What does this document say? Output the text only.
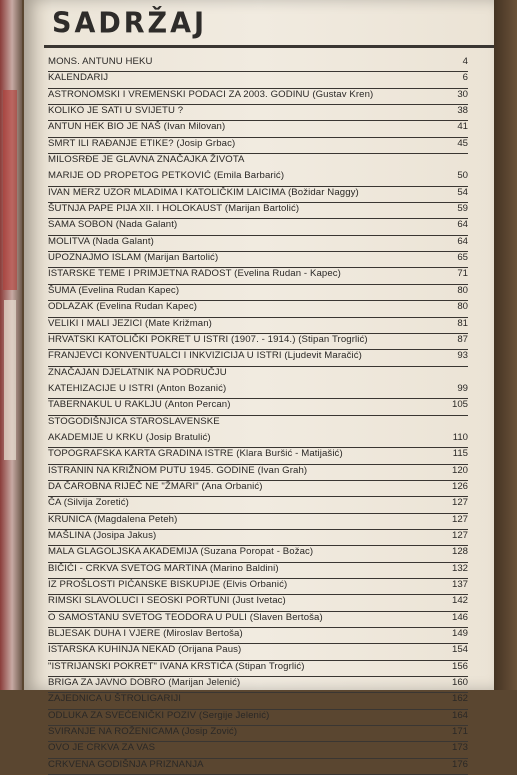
SADRŽAJ
MONS. ANTUNU HEKU	4
KALENDARIJ	6
ASTRONOMSKI I VREMENSKI PODACI ZA 2003. GODINU (Gustav Kren)	30
KOLIKO JE SATI U SVIJETU ?	38
ANTUN HEK BIO JE NAŠ (Ivan Milovan)	41
SMRT ILI RAĐANJE ETIKE? (Josip Grbac)	45
MILOSRĐE JE GLAVNA ZNAČAJKA ŽIVOTA
MARIJE OD PROPETOG PETKOVIĆ (Emila Barbarić)	50
IVAN MERZ UZOR MLADIMA I KATOLIČKIM LAICIMA (Božidar Naggy)	54
ŠUTNJA PAPE PIJA XII. I HOLOKAUST (Marijan Bartolić)	59
SAMA SOBON (Nada Galant)	64
MOLITVA (Nada Galant)	64
UPOZNAJMO ISLAM (Marijan Bartolić)	65
ISTARSKE TEME I PRIMJETNA RADOST (Evelina Rudan - Kapec)	71
ŠUMA (Evelina Rudan Kapec)	80
ODLAZAK (Evelina Rudan Kapec)	80
VELIKI I MALI JEZICI (Mate Križman)	81
HRVATSKI KATOLIČKI POKRET U ISTRI (1907. - 1914.) (Stipan Trogrlić)	87
FRANJEVCI KONVENTUALCI I INKVIZICIJA U ISTRI (Ljudevit Maračić)	93
ZNAČAJAN DJELATNIK NA PODRUČJU
KATEHIZACIJE U ISTRI (Anton Bozanić)	99
TABERNAKUL U RAKLJU (Anton Percan)	105
STOGODIŠNJICA STAROSLAVENSKE
AKADEMIJE U KRKU (Josip Bratulić)	110
TOPOGRAFSKA KARTA GRADINA ISTRE (Klara Buršić - Matijašić)	115
ISTRANIN NA KRIŽNOM PUTU 1945. GODINE (Ivan Grah)	120
DA ČAROBNA RIJEČ NE "ŽMARI" (Ana Orbanić)	126
ČA (Silvija Zoretić)	127
KRUNICA (Magdalena Peteh)	127
MAŠLINA (Josipa Jakus)	127
MALA GLAGOLJSKA AKADEMIJA (Suzana Poropat - Božac)	128
BIČIĆI - CRKVA SVETOG MARTINA (Marino Baldini)	132
IZ PROŠLOSTI PIĆANSKE BISKUPIJE (Elvis Orbanić)	137
RIMSKI SLAVOLUCI I SEOSKI PORTUNI (Just Ivetac)	142
O SAMOSTANU SVETOG TEODORA U PULI (Slaven Bertoša)	146
BLJESAK DUHA I VJERE (Miroslav Bertoša)	149
ISTARSKA KUHINJA NEKAD (Orijana Paus)	154
"ISTRIJANSKI POKRET" IVANA KRSTIĆA (Stipan Trogrlić)	156
BRIGA ZA JAVNO DOBRO (Marijan Jelenić)	160
ZAJEDNICA U ŠTROLIGARIJI	162
ODLUKA ZA SVEĆENIČKI POZIV (Sergije Jelenić)	164
SVIRANJE NA ROŽENICAMA (Josip Zović)	171
OVO JE CRKVA ZA VAS	173
CRKVENA GODIŠNJA PRIZNANJA	176
